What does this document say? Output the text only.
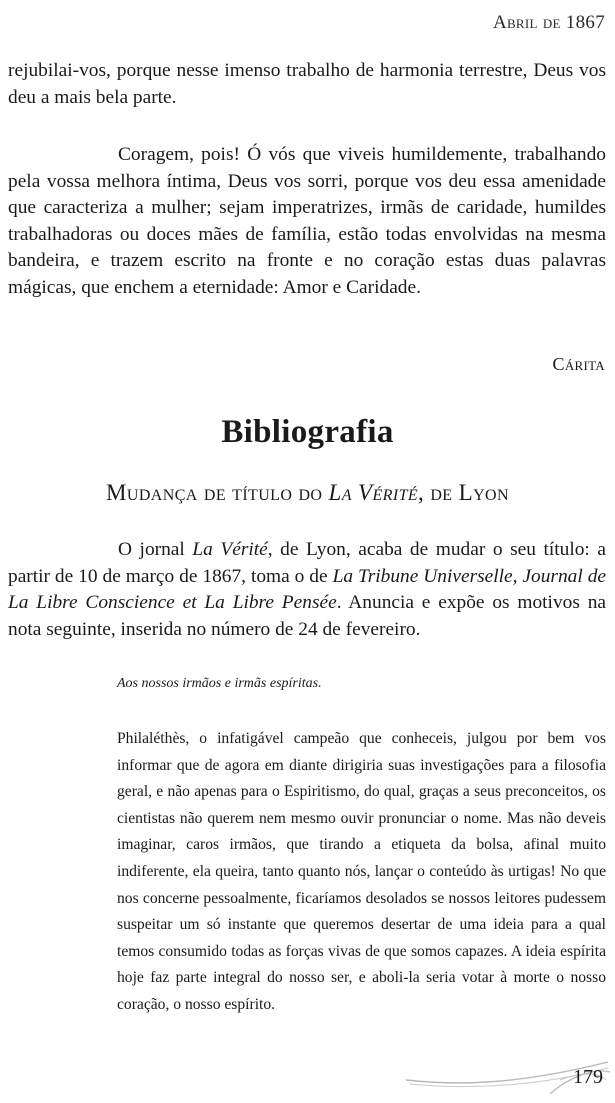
Abril de 1867
rejubilai-vos, porque nesse imenso trabalho de harmonia terrestre, Deus vos deu a mais bela parte.
Coragem, pois! Ó vós que viveis humildemente, trabalhando pela vossa melhora íntima, Deus vos sorri, porque vos deu essa amenidade que caracteriza a mulher; sejam imperatrizes, irmãs de caridade, humildes trabalhadoras ou doces mães de família, estão todas envolvidas na mesma bandeira, e trazem escrito na fronte e no coração estas duas palavras mágicas, que enchem a eternidade: Amor e Caridade.
Cárita
Bibliografia
Mudança de título do La Vérité, de Lyon
O jornal La Vérité, de Lyon, acaba de mudar o seu título: a partir de 10 de março de 1867, toma o de La Tribune Universelle, Journal de La Libre Conscience et La Libre Pensée. Anuncia e expõe os motivos na nota seguinte, inserida no número de 24 de fevereiro.
Aos nossos irmãos e irmãs espíritas.
Philaléthès, o infatigável campeão que conheceis, julgou por bem vos informar que de agora em diante dirigiria suas investigações para a filosofia geral, e não apenas para o Espiritismo, do qual, graças a seus preconceitos, os cientistas não querem nem mesmo ouvir pronunciar o nome. Mas não deveis imaginar, caros irmãos, que tirando a etiqueta da bolsa, afinal muito indiferente, ela queira, tanto quanto nós, lançar o conteúdo às urtigas! No que nos concerne pessoalmente, ficaríamos desolados se nossos leitores pudessem suspeitar um só instante que queremos desertar de uma ideia para a qual temos consumido todas as forças vivas de que somos capazes. A ideia espírita hoje faz parte integral do nosso ser, e aboli-la seria votar à morte o nosso coração, o nosso espírito.
179
